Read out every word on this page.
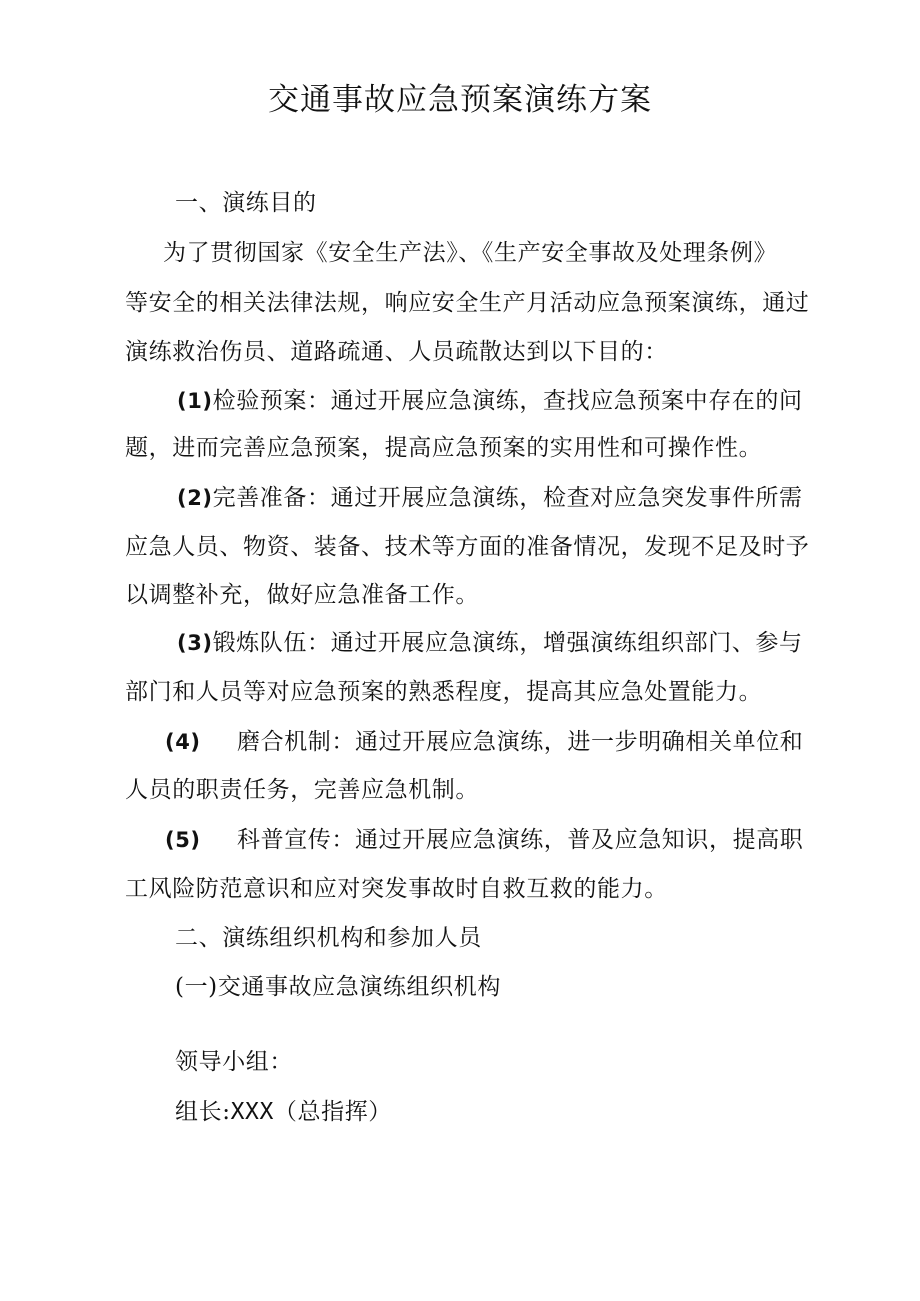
交通事故应急预案演练方案
一、演练目的
为了贯彻国家《安全生产法》、《生产安全事故及处理条例》
等安全的相关法律法规，响应安全生产月活动应急预案演练，通过
演练救治伤员、道路疏通、人员疏散达到以下目的：
(1)检验预案：通过开展应急演练，查找应急预案中存在的问
题，进而完善应急预案，提高应急预案的实用性和可操作性。
(2)完善准备：通过开展应急演练，检查对应急突发事件所需
应急人员、物资、装备、技术等方面的准备情况，发现不足及时予
以调整补充，做好应急准备工作。
(3)锻炼队伍：通过开展应急演练，增强演练组织部门、参与
部门和人员等对应急预案的熟悉程度，提高其应急处置能力。
(4) 磨合机制：通过开展应急演练，进一步明确相关单位和
人员的职责任务，完善应急机制。
(5) 科普宣传：通过开展应急演练，普及应急知识，提高职
工风险防范意识和应对突发事故时自救互救的能力。
二、演练组织机构和参加人员
(一)交通事故应急演练组织机构
领导小组：
组长:XXX（总指挥）
